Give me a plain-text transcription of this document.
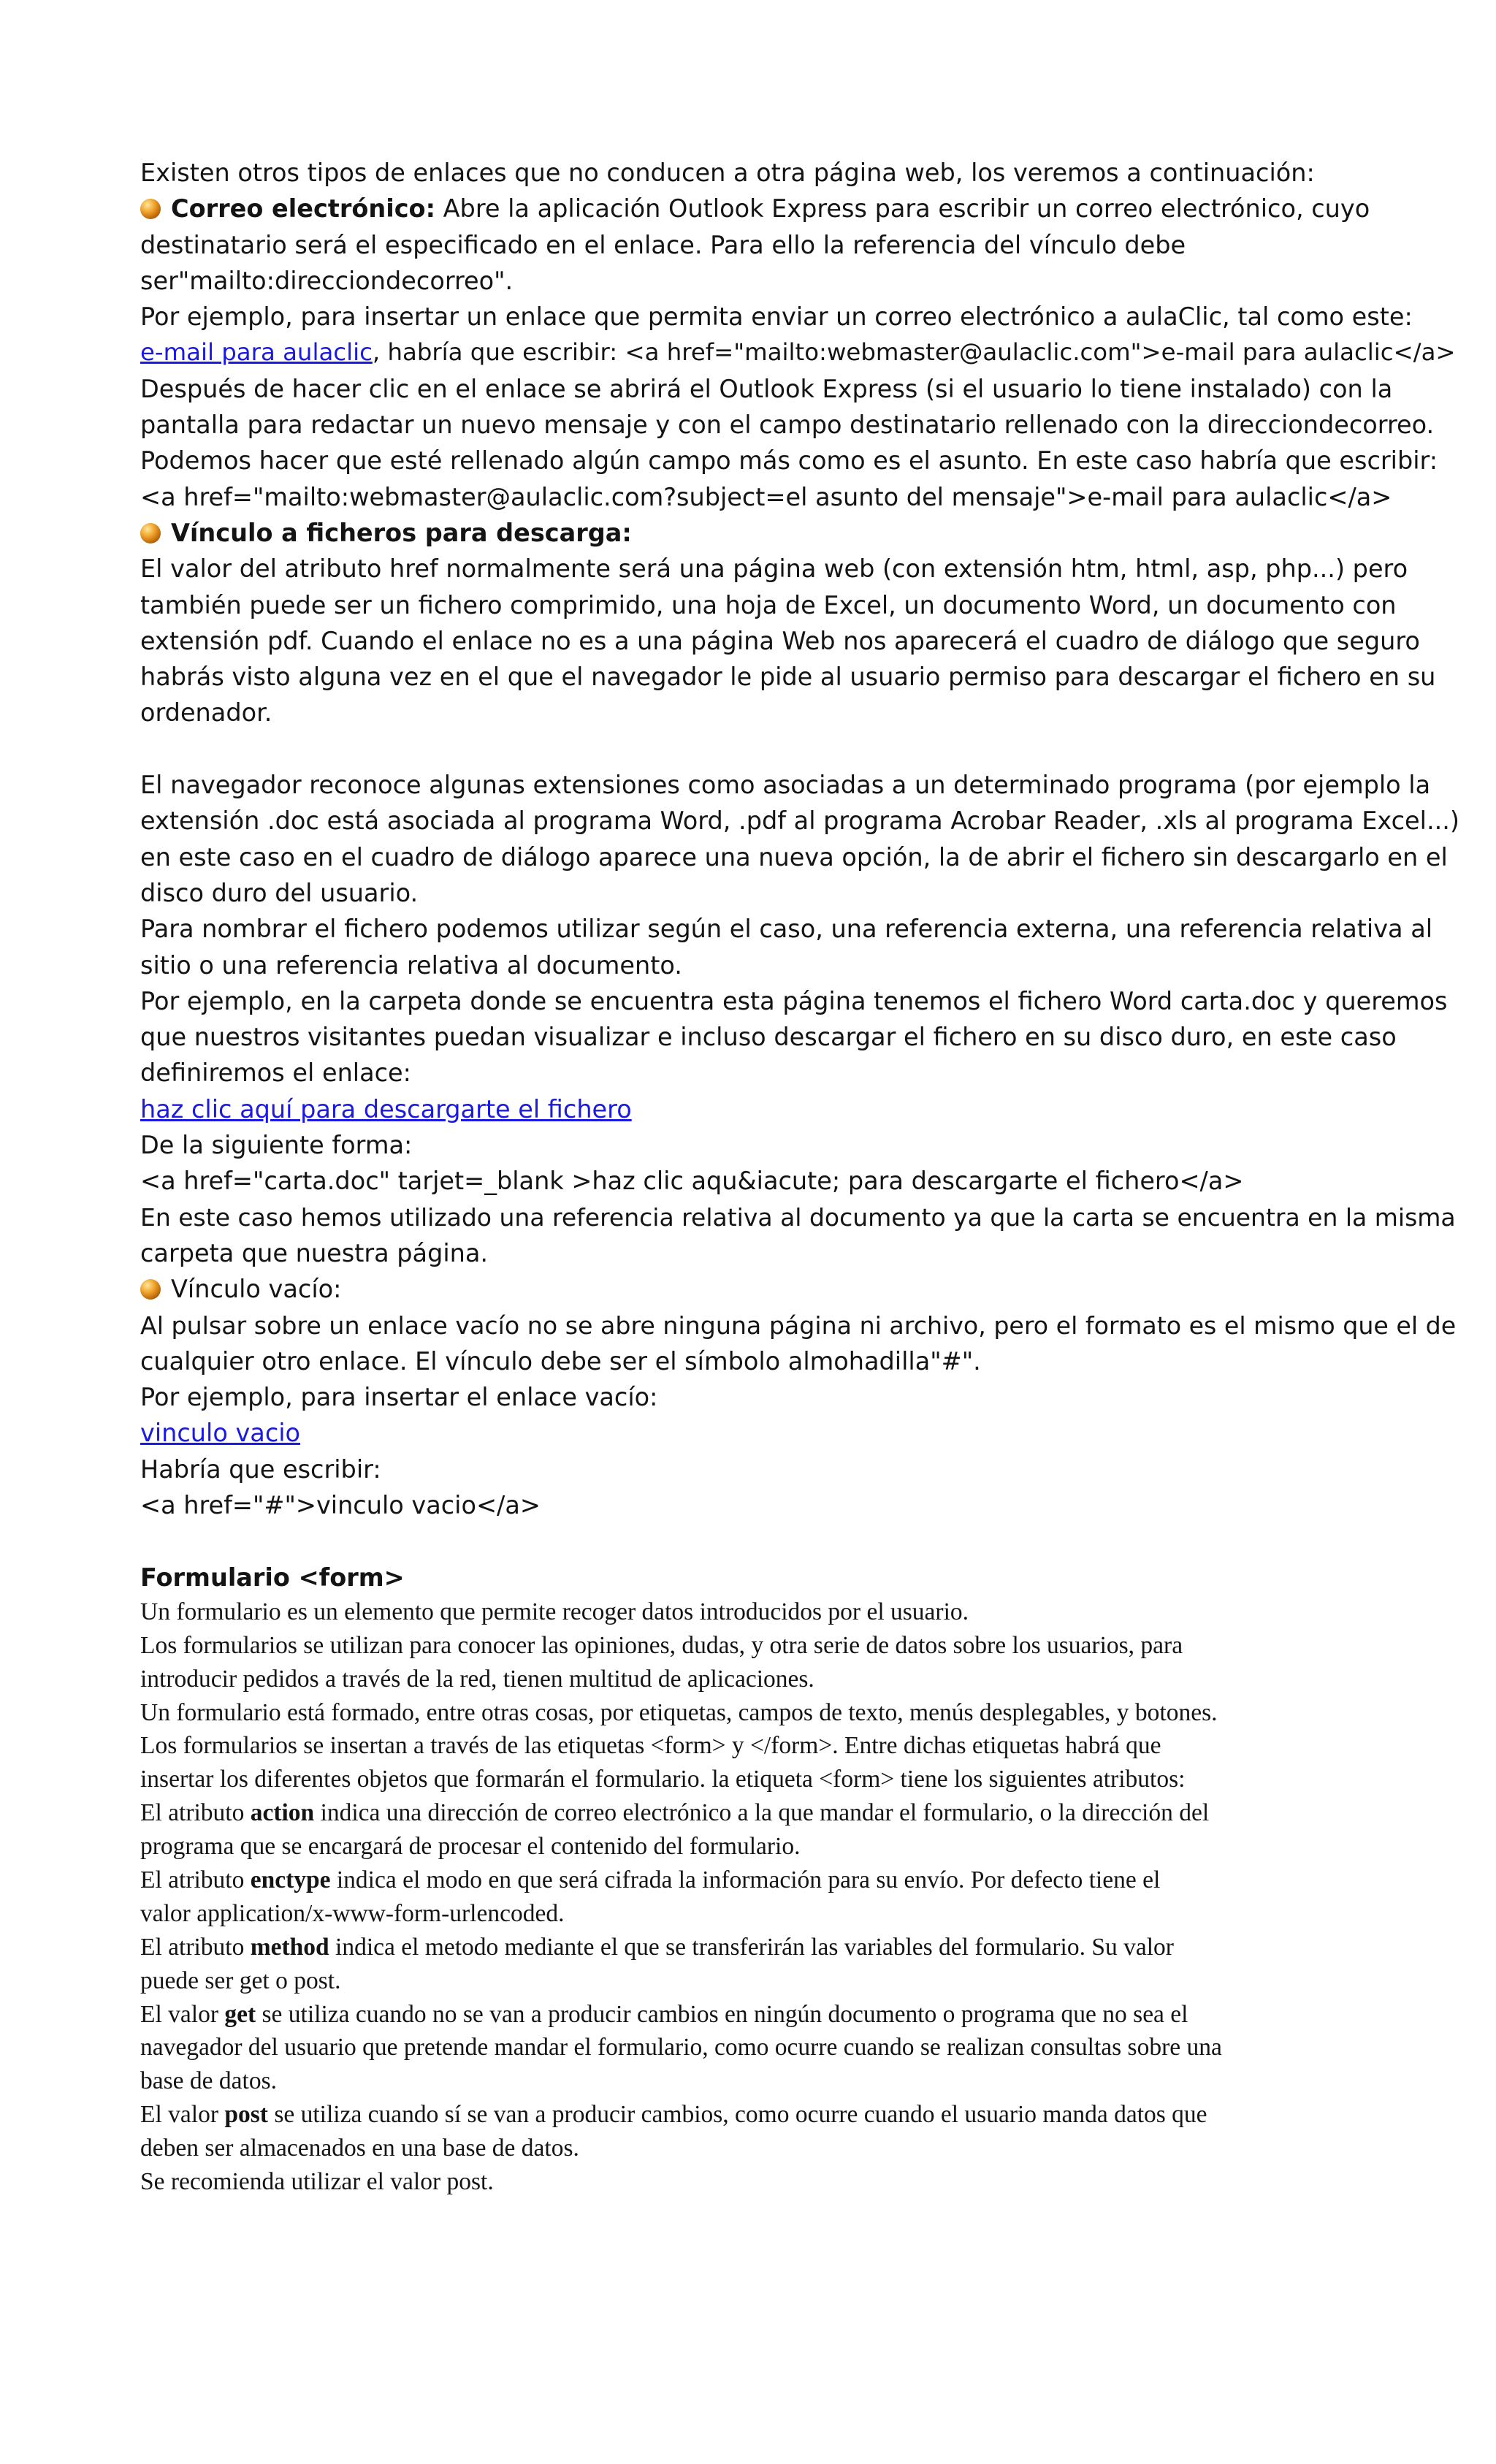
Existen otros tipos de enlaces que no conducen a otra página web, los veremos a continuación:
Correo electrónico: Abre la aplicación Outlook Express para escribir un correo electrónico, cuyo
destinatario será el especificado en el enlace. Para ello la referencia del vínculo debe
ser"mailto:direcciondecorreo".
Por ejemplo, para insertar un enlace que permita enviar un correo electrónico a aulaClic, tal como este:
e-mail para aulaclic, habría que escribir: <a href="mailto:webmaster@aulaclic.com">e-mail para aulaclic</a>
Después de hacer clic en el enlace se abrirá el Outlook Express (si el usuario lo tiene instalado) con la
pantalla para redactar un nuevo mensaje y con el campo destinatario rellenado con la direcciondecorreo.
Podemos hacer que esté rellenado algún campo más como es el asunto. En este caso habría que escribir:
<a href="mailto:webmaster@aulaclic.com?subject=el asunto del mensaje">e-mail para aulaclic</a>
Vínculo a ficheros para descarga:
El valor del atributo href normalmente será una página web (con extensión htm, html, asp, php...) pero
también puede ser un fichero comprimido, una hoja de Excel, un documento Word, un documento con
extensión pdf. Cuando el enlace no es a una página Web nos aparecerá el cuadro de diálogo que seguro
habrás visto alguna vez en el que el navegador le pide al usuario permiso para descargar el fichero en su
ordenador.
El navegador reconoce algunas extensiones como asociadas a un determinado programa (por ejemplo la
extensión .doc está asociada al programa Word, .pdf al programa Acrobar Reader, .xls al programa Excel...)
en este caso en el cuadro de diálogo aparece una nueva opción, la de abrir el fichero sin descargarlo en el
disco duro del usuario.
Para nombrar el fichero podemos utilizar según el caso, una referencia externa, una referencia relativa al
sitio o una referencia relativa al documento.
Por ejemplo, en la carpeta donde se encuentra esta página tenemos el fichero Word carta.doc y queremos
que nuestros visitantes puedan visualizar e incluso descargar el fichero en su disco duro, en este caso
definiremos el enlace:
haz clic aquí para descargarte el fichero
De la siguiente forma:
<a href="carta.doc" tarjet=_blank >haz clic aqu&iacute; para descargarte el fichero</a>
En este caso hemos utilizado una referencia relativa al documento ya que la carta se encuentra en la misma
carpeta que nuestra página.
Vínculo vacío:
Al pulsar sobre un enlace vacío no se abre ninguna página ni archivo, pero el formato es el mismo que el de
cualquier otro enlace. El vínculo debe ser el símbolo almohadilla"#".
Por ejemplo, para insertar el enlace vacío:
vinculo vacio
Habría que escribir:
<a href="#">vinculo vacio</a>
Formulario <form>
Un formulario es un elemento que permite recoger datos introducidos por el usuario.
Los formularios se utilizan para conocer las opiniones, dudas, y otra serie de datos sobre los usuarios, para
introducir pedidos a través de la red, tienen multitud de aplicaciones.
Un formulario está formado, entre otras cosas, por etiquetas, campos de texto, menús desplegables, y botones.
Los formularios se insertan a través de las etiquetas <form> y </form>. Entre dichas etiquetas habrá que
insertar los diferentes objetos que formarán el formulario. la etiqueta <form> tiene los siguientes atributos:
El atributo action indica una dirección de correo electrónico a la que mandar el formulario, o la dirección del
programa que se encargará de procesar el contenido del formulario.
El atributo enctype indica el modo en que será cifrada la información para su envío. Por defecto tiene el
valor application/x-www-form-urlencoded.
El atributo method indica el metodo mediante el que se transferirán las variables del formulario. Su valor
puede ser get o post.
El valor get se utiliza cuando no se van a producir cambios en ningún documento o programa que no sea el
navegador del usuario que pretende mandar el formulario, como ocurre cuando se realizan consultas sobre una
base de datos.
El valor post se utiliza cuando sí se van a producir cambios, como ocurre cuando el usuario manda datos que
deben ser almacenados en una base de datos.
Se recomienda utilizar el valor post.
